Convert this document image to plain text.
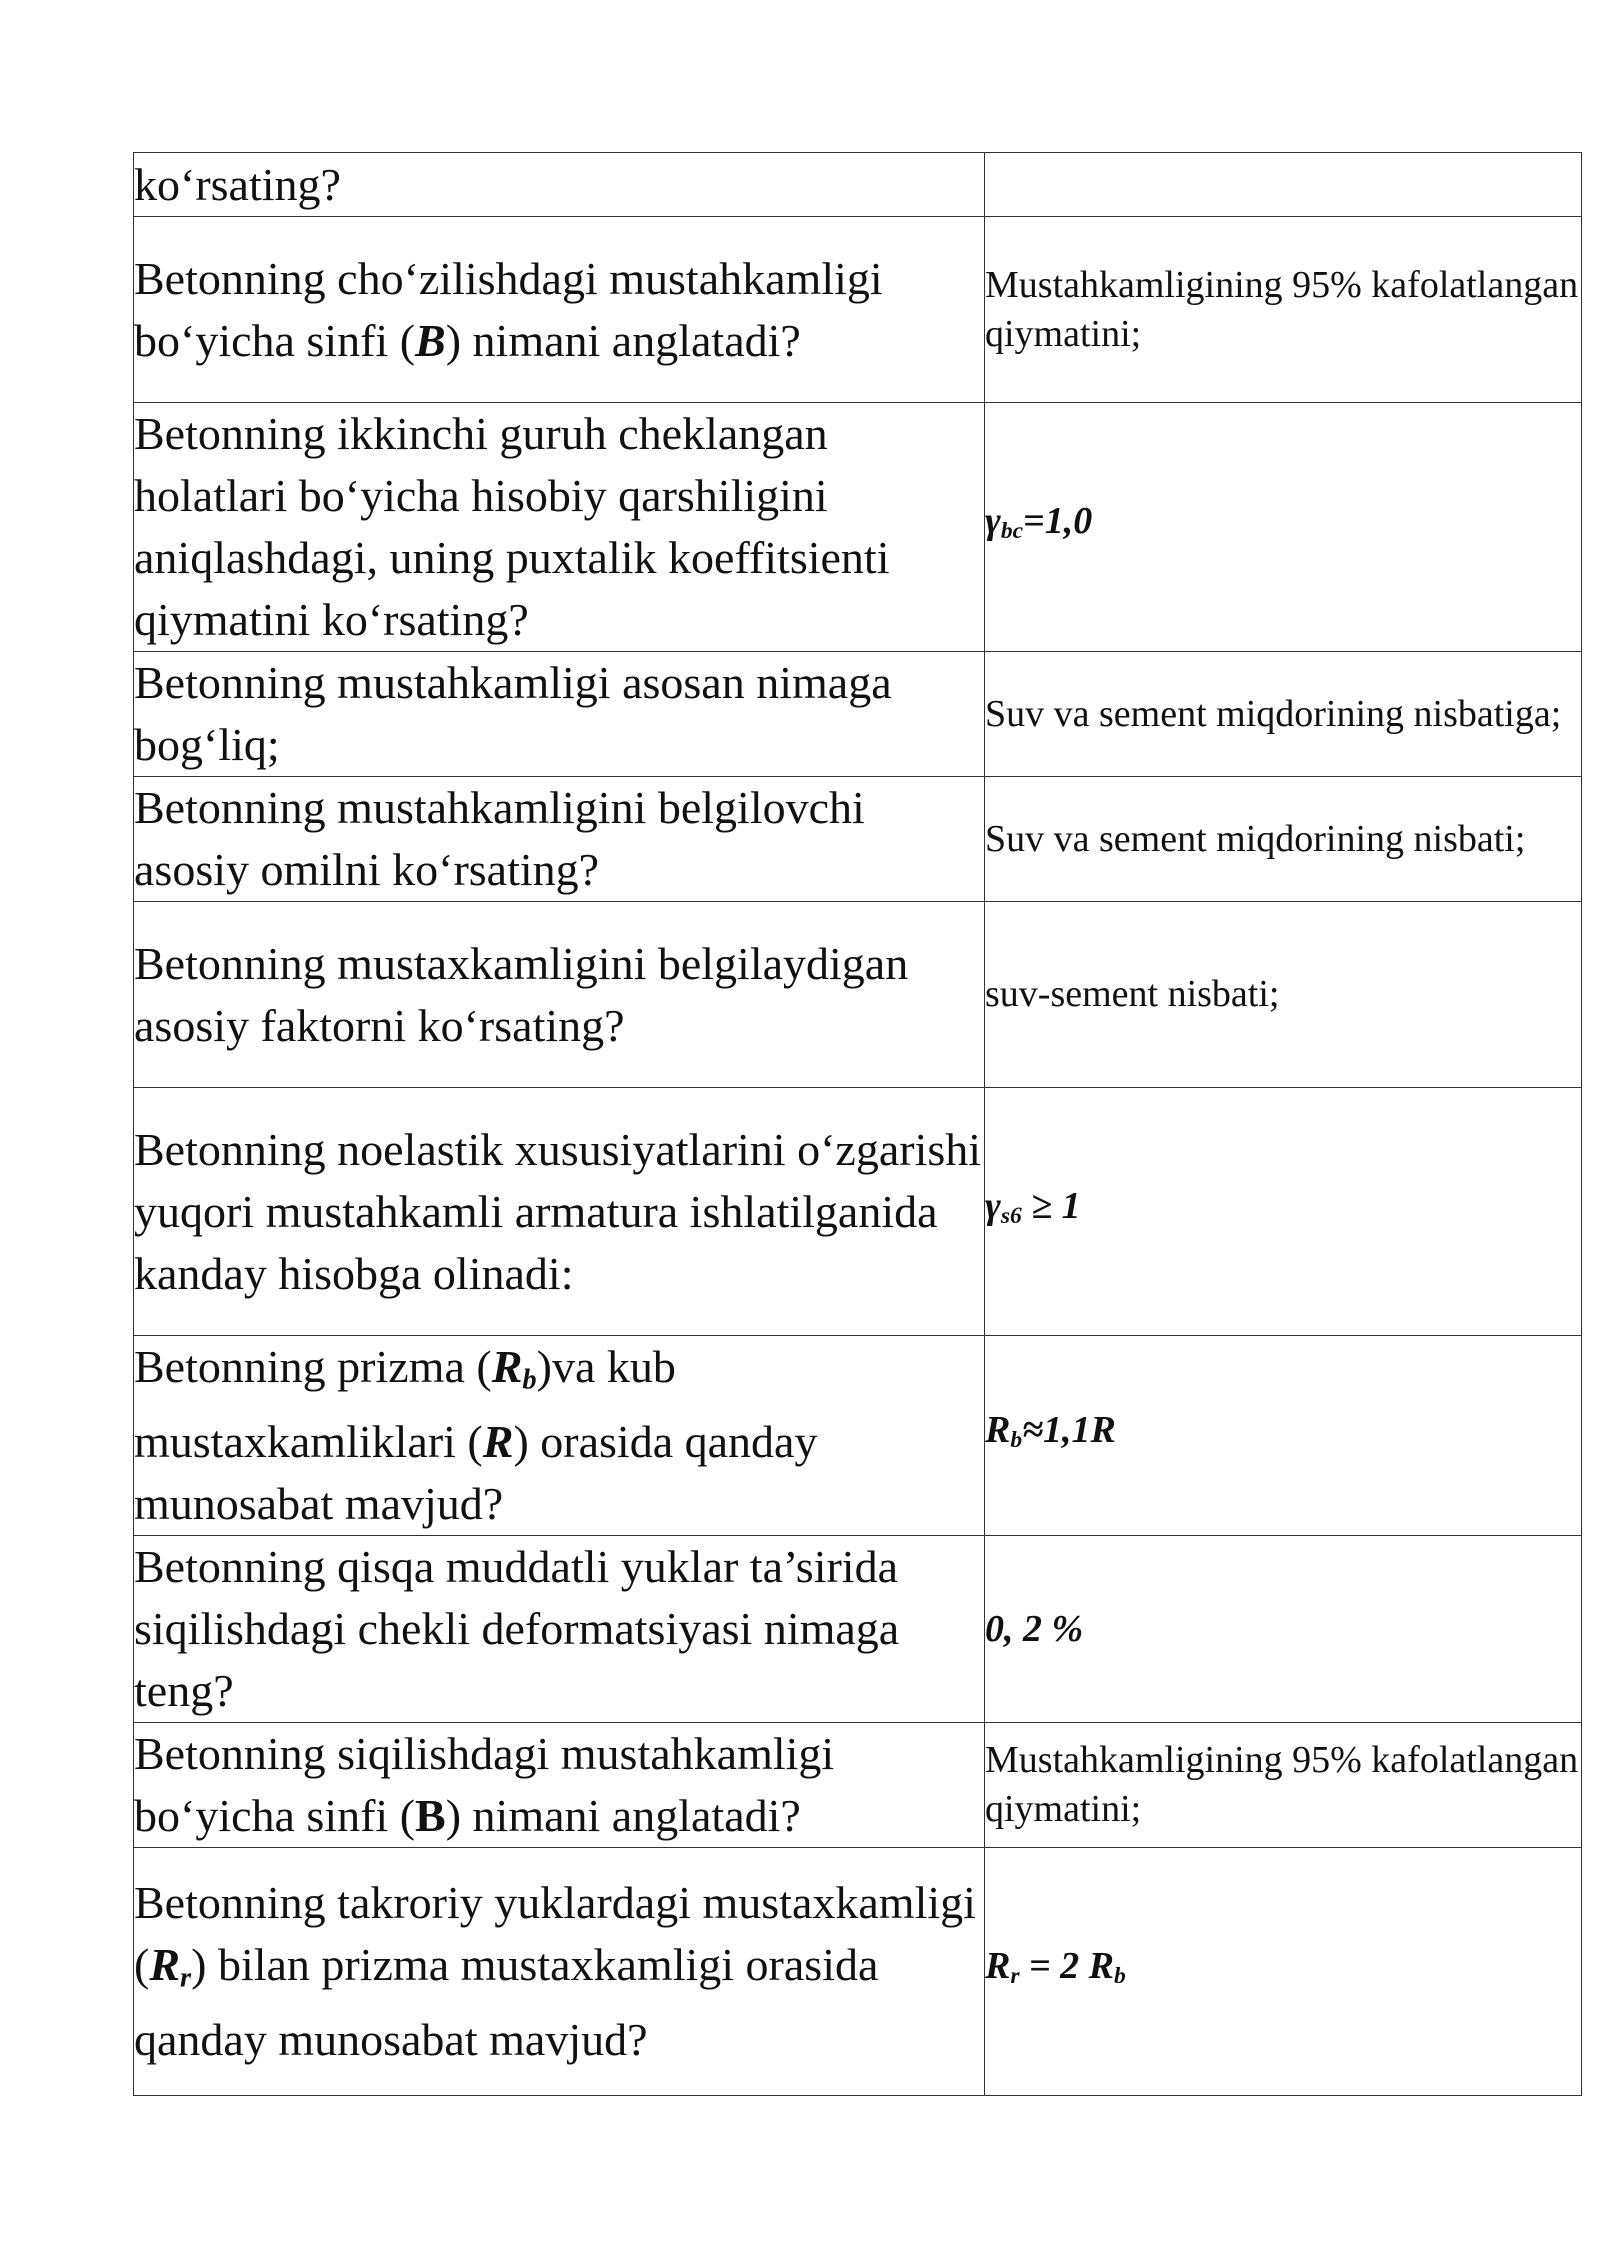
ko‘rsating?	
Betonning cho‘zilishdagi mustahkamligi bo‘yicha sinfi (B) nimani anglatadi?	Mustahkamligining 95% kafolatlangan qiymatini;
Betonning ikkinchi guruh cheklangan holatlari bo‘yicha hisobiy qarshiligini aniqlashdagi, uning puxtalik koeffitsienti qiymatini ko‘rsating?	$\gamma_{bc}=1,0$
Betonning mustahkamligi asosan nimaga bog‘liq;	Suv va sement miqdorining nisbatiga;
Betonning mustahkamligini belgilovchi asosiy omilni ko‘rsating?	Suv va sement miqdorining nisbati;
Betonning mustaxkamligini belgilaydigan asosiy faktorni ko‘rsating?	suv-sement nisbati;
Betonning noelastik xususiyatlarini o‘zgarishi yuqori mustahkamli armatura ishlatilganida kanday hisobga olinadi:	$\gamma_{s6} \ge 1$
Betonning prizma $(R_b)va$ kub mustaxkamliklari (R) orasida qanday munosabat mavjud?	$R_b\approx 1,1R$
Betonning qisqa muddatli yuklar ta’sirida siqilishdagi chekli deformatsiyasi nimaga teng?	0, 2 %
Betonning siqilishdagi mustahkamligi bo‘yicha sinfi (B) nimani anglatadi?	Mustahkamligining 95% kafolatlangan qiymatini;
Betonning takroriy yuklardagi mustaxkamligi $(R_r)$ bilan prizma mustaxkamligi orasida qanday munosabat mavjud?	$R_r = 2$ $R_b$
